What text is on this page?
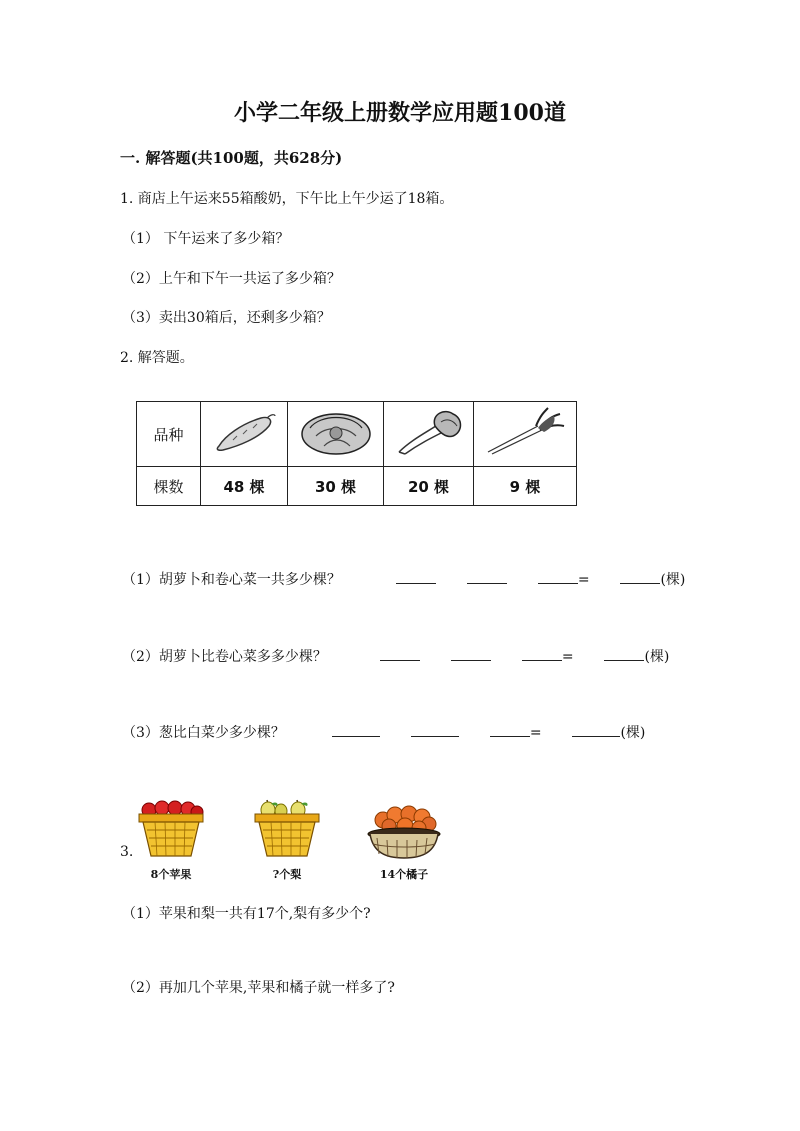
小学二年级上册数学应用题100道
一. 解答题(共100题，共628分)
1. 商店上午运来55箱酸奶，下午比上午少运了18箱。
（1） 下午运来了多少箱？
（2）上午和下午一共运了多少箱？
（3）卖出30箱后，还剩多少箱？
2. 解答题。
品种				
棵数	48 棵	30 棵	20 棵	9 棵
（1）胡萝卜和卷心菜一共多少棵？	=	(棵)
（2）胡萝卜比卷心菜多多少棵？	=	(棵)
（3）葱比白菜少多少棵？	=	(棵)
3.
8个苹果	?个梨	14个橘子
（1）苹果和梨一共有17个,梨有多少个?
（2）再加几个苹果,苹果和橘子就一样多了?
